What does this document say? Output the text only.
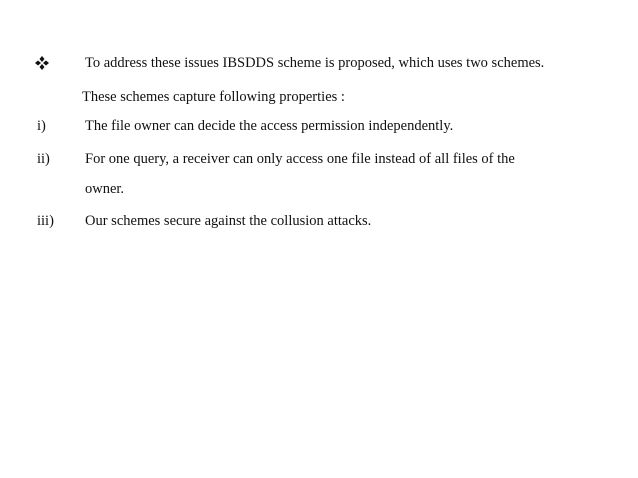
To address these issues IBSDDS scheme is proposed, which uses two schemes.
These schemes capture following properties :
i)	The file owner can decide the access permission independently.
ii) For one query, a receiver can only access one file instead of all files of the
owner.
iii) Our schemes secure against the collusion attacks.
